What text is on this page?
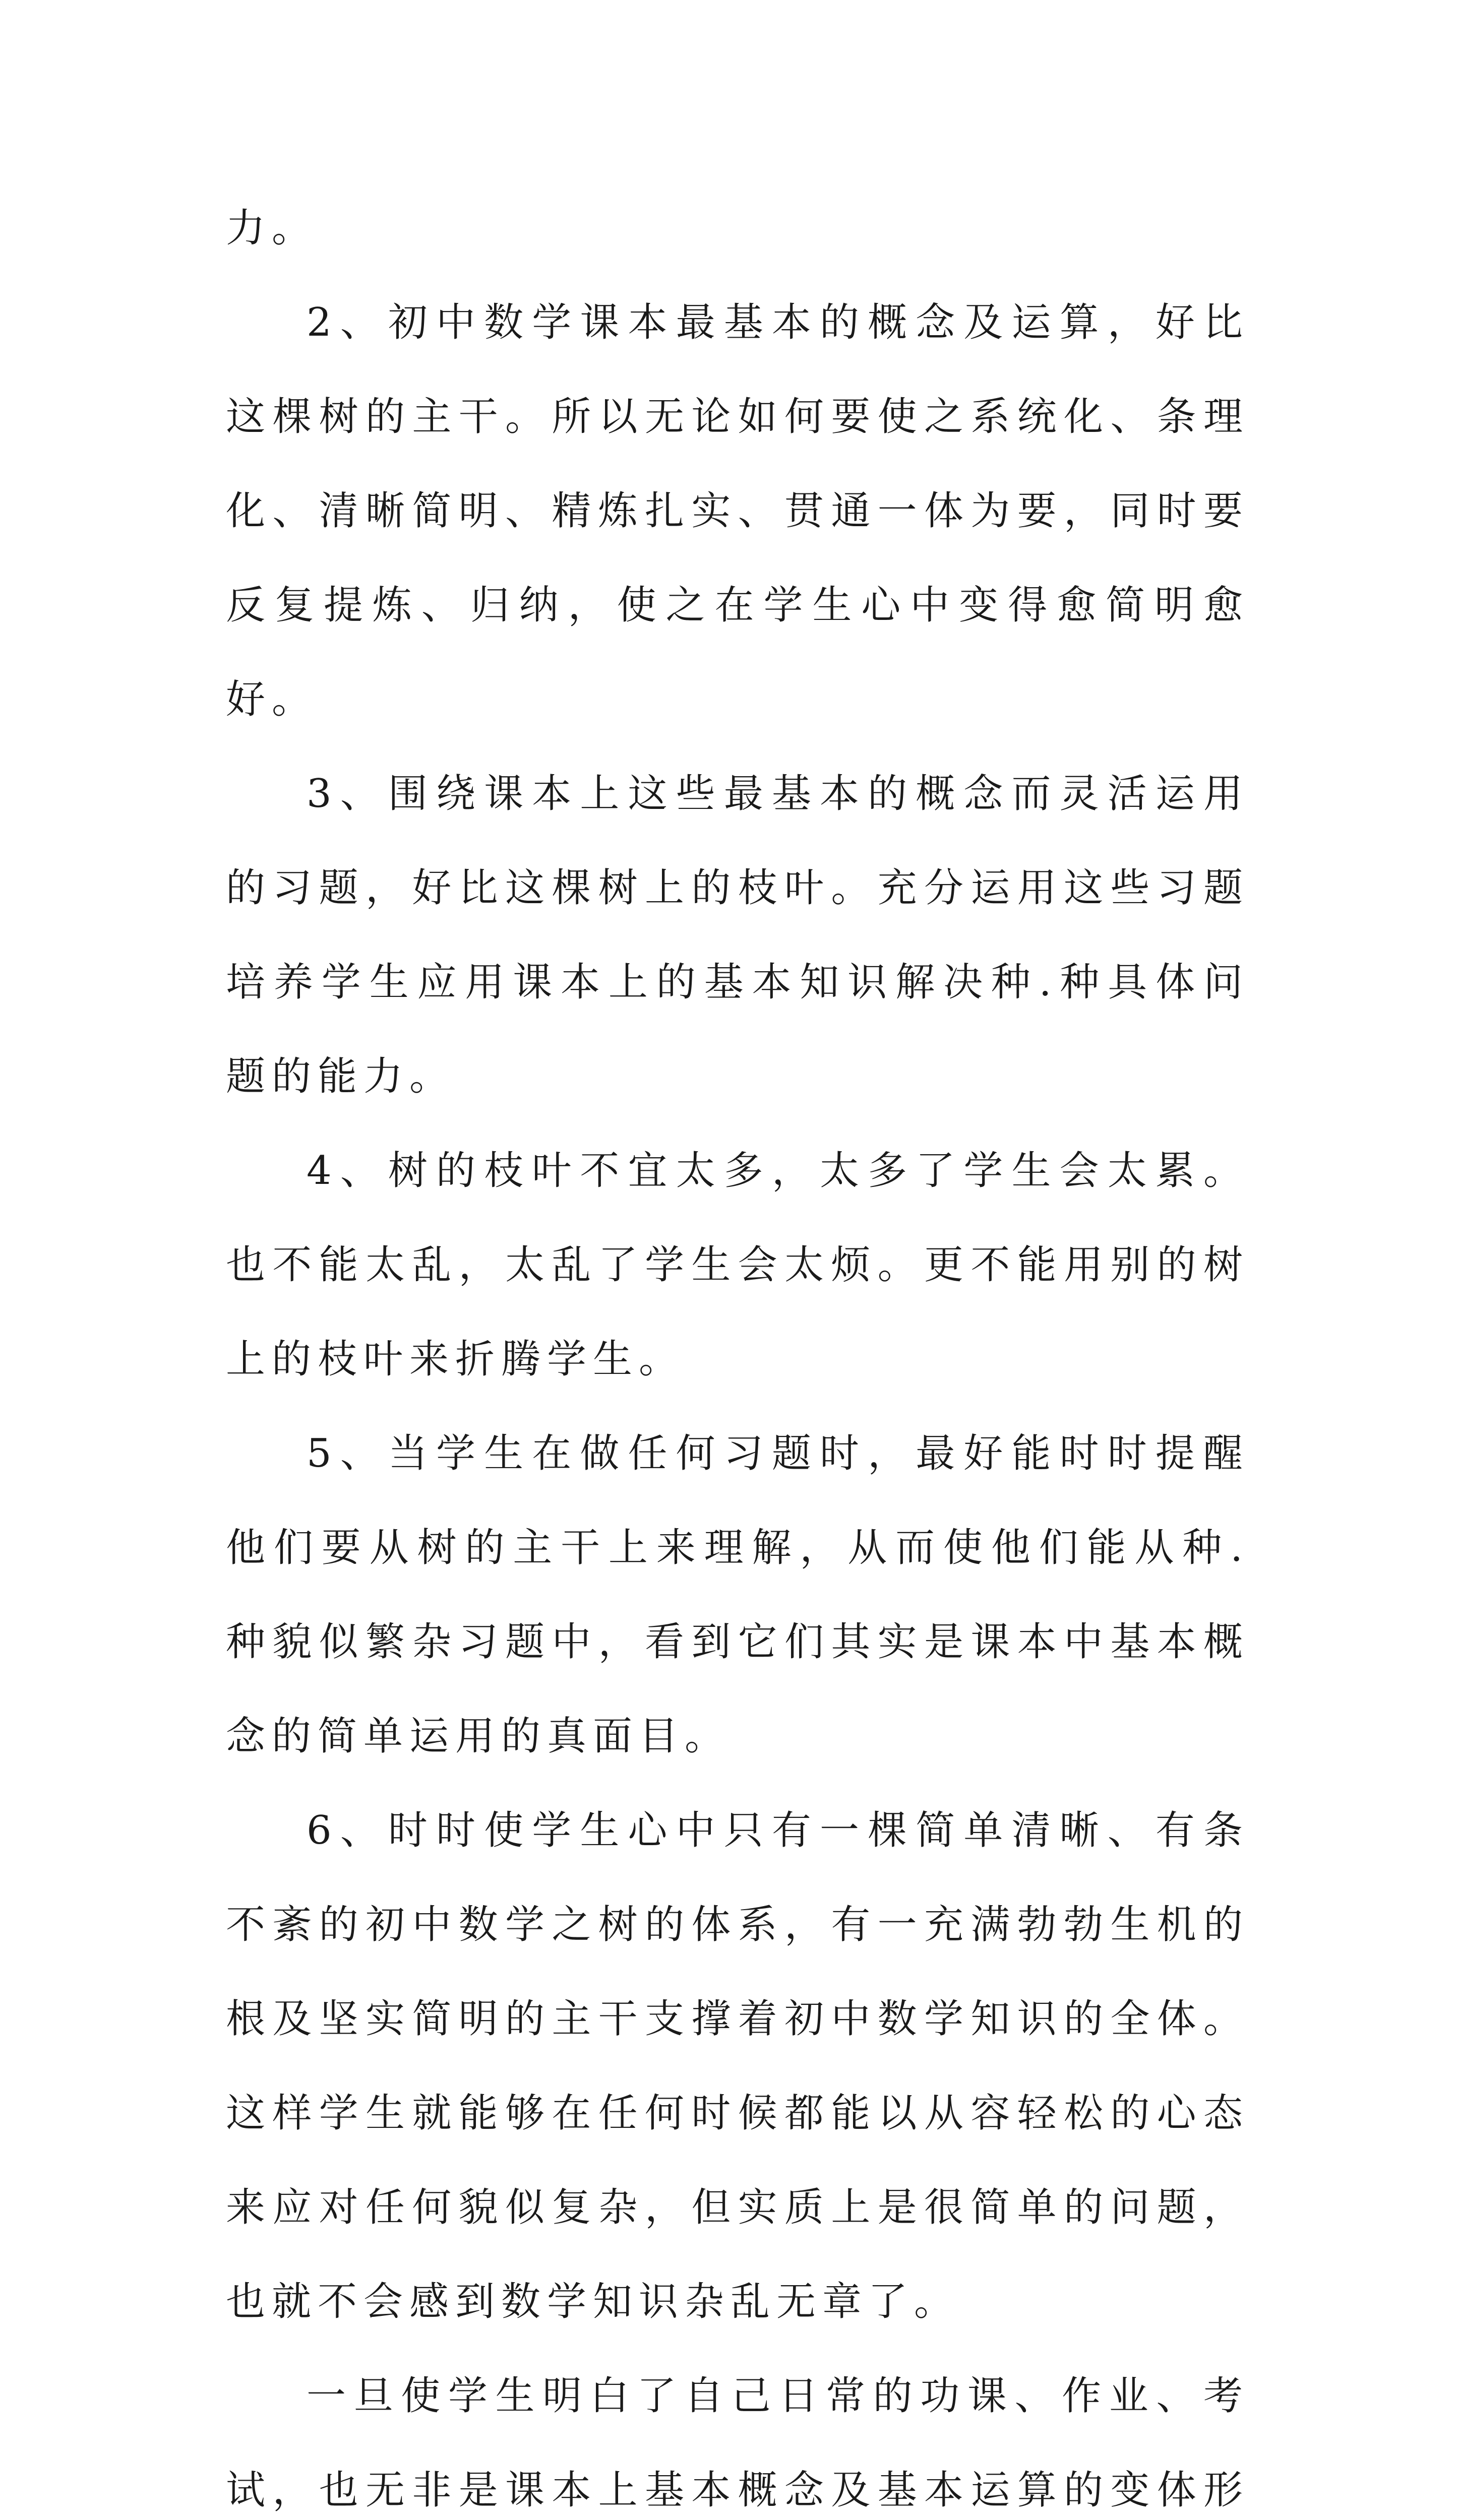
力。

2、初中数学课本最基本的概念及运算，好比这棵树的主干。所以无论如何要使之系统化、条理化、清晰简明、精炼扎实、贯通一体为要，同时要反复提炼、归纳，使之在学生心中变得愈简明愈好。

3、围绕课本上这些最基本的概念而灵活运用的习题，好比这棵树上的枝叶。充分运用这些习题培养学生应用课本上的基本知识解决种.种具体问题的能力。

4、树的枝叶不宜太多，太多了学生会太累。也不能太乱，太乱了学生会太烦。更不能用别的树上的枝叶来折腾学生。

5、当学生在做任何习题时，最好能时时提醒他们要从树的主干上来理解，从而使他们能从种.种貌似繁杂习题中，看到它们其实是课本中基本概念的简单运用的真面目。

6、时时使学生心中只有一棵简单清晰、有条不紊的初中数学之树的体系，有一充满勃勃生机的根及坚实简明的主干支撑着初中数学知识的全体。这样学生就能够在任何时候都能以从容轻松的心态来应对任何貌似复杂，但实质上是很简单的问题，也就不会感到数学知识杂乱无章了。

一旦使学生明白了自己日常的功课、作业、考试，也无非是课本上基本概念及基本运算的变体形
